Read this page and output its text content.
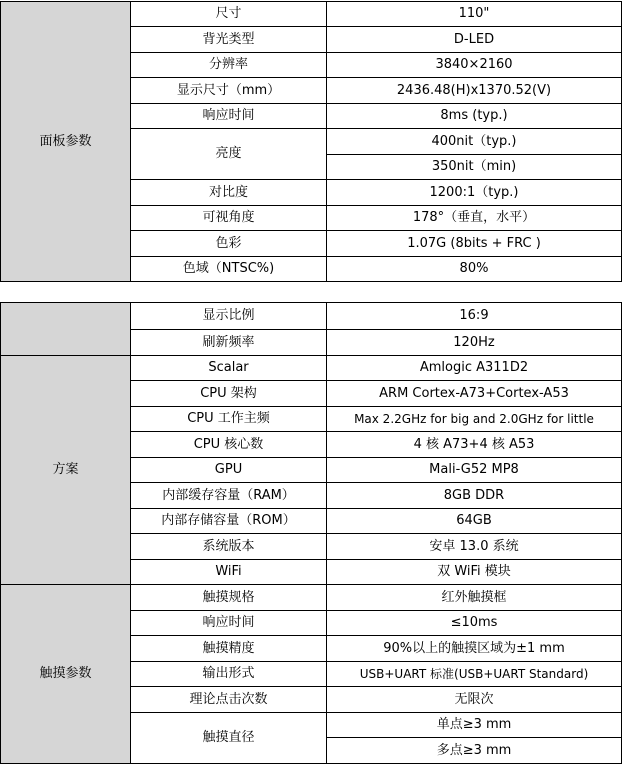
面板参数	尺寸	110"
	背光类型	D-LED
	分辨率	3840×2160
	显示尺寸（mm）	2436.48(H)x1370.52(V)
	响应时间	8ms (typ.)
	亮度	400nit（typ.)
		350nit（min)
	对比度	1200:1（typ.)
	可视角度	178°（垂直，水平）
	色彩	1.07G (8bits + FRC )
	色域（NTSC%)	80%
	显示比例	16:9
	刷新频率	120Hz
方案	Scalar	Amlogic A311D2
	CPU 架构	ARM Cortex-A73+Cortex-A53
	CPU 工作主频	Max 2.2GHz for big and 2.0GHz for little
	CPU 核心数	4 核 A73+4 核 A53
	GPU	Mali-G52 MP8
	内部缓存容量（RAM）	8GB DDR
	内部存储容量（ROM）	64GB
	系统版本	安卓 13.0 系统
	WiFi	双 WiFi 模块
触摸参数	触摸规格	红外触摸框
	响应时间	≤10ms
	触摸精度	90%以上的触摸区域为±1 mm
	输出形式	USB+UART 标准(USB+UART Standard)
	理论点击次数	无限次
	触摸直径	单点≥3 mm
		多点≥3 mm
